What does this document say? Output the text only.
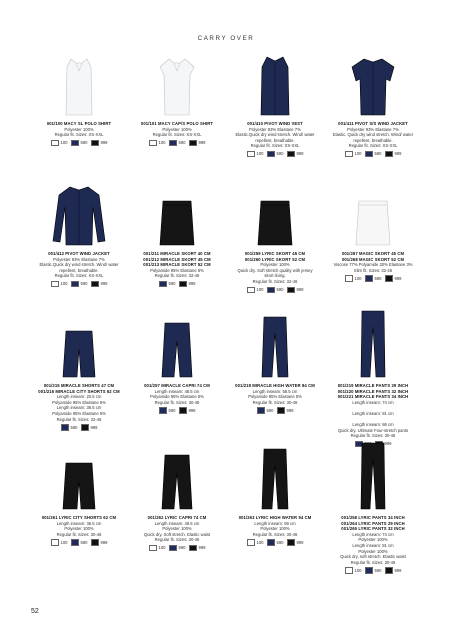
CARRY OVER
001/100 MACY SL POLO SHIRT
Polyester 100%
Regular fit. Sizes: XS-XXL
100	590	999
001/101 MACY CAP/S POLO SHIRT
Polyester 100%
Regular fit. Sizes: XS-XXL
100	590	999
001/410 PIVOT WIND VEST
Polyester 93% Elastane 7%
Elastic.Quick dry wind stretch. Wind/ water
repellent, breathable.
Regular fit. Sizes: XS-XXL
100	590	999
001/411 PIVOT S/S WIND JACKET
Polyester 93% Elastane 7%
Elastic. Quick dry wind stretch. Wind/ water
repellent, breathable.
Regular fit. Sizes: XS-XXL
100	590	999
001/412 PIVOT WIND JACKET
Polyester 93% Elastane 7%
Elastic.Quick dry wind stretch. Wind/ water
repellent, breathable.
Regular fit. Sizes: XS-XXL
100	590	999
001/211 MIRACLE SKORT 40 CM
001/212 MIRACLE SKORT 45 CM
001/213 MIRACLE SKORT 52 CM
Polyamide 95% Elastane 5%
Regular fit. Sizes: 32-46
590	999
001/259 LYRIC SKORT 45 CM
001/260 LYRIC SKORT 52 CM
Polyester 100%
Quick dry. Soft stretch quality with jersey
skort lining.
Regular fit. Sizes: 32-46
100	590	999
001/267 MAGIC SKORT 45 CM
001/268 MAGIC SKORT 52 CM
Viscose 77% Polyamide 20% Elastane 3%
Slim fit. Sizes: 32-46
100	590	999
001/215 MIRACLE SHORTS 47 CM
001/216 MIRACLE CITY SHORTS 62 CM
Length inseam: 20.5 cm
Polyamide 95% Elastane 5%
Length inseam: 36.5 cm
Polyamide 95% Elastane 5%
Regular fit. Sizes: 32-46
590	999
001/257 MIRACLE CAPRI 74 CM
Length inseam: 48.5 cm
Polyamide 95% Elastane 5%
Regular fit. Sizes: 30-46
590	999
001/218 MIRACLE HIGH WATER 84 CM
Length inseam: 58.5 cm
Polyamide 95% Elastane 5%
Regular fit. Sizes: 30-46
590	999
001/219 MIRACLE PANTS 29 INCH
001/220 MIRACLE PANTS 32 INCH
001/221 MIRACLE PANTS 34 INCH
Length inseam: 74 cm

Length inseam: 81 cm

Length inseam: 86 cm
Quick dry. Ultimate Four-stretch pants
Regular fit. Sizes: 30-46
999
001/261 LYRIC CITY SHORTS 62 CM
Length inseam: 36.5 cm
Polyester 100%
Regular fit. Sizes: 30-46
100	590	999
001/262 LYRIC CAPRI 74 CM
Length inseam: 48.5 cm
Polyester 100%
Quick dry. Soft stretch. Elastic waist
Regular fit. Sizes: 30-46
100	590	999
001/263 LYRIC HIGH WATER 94 CM
Length inseam: 69 cm
Polyester 100%
Regular fit. Sizes: 30-46
100	590	999
001/258 LYRIC PANTS 34 INCH
001/264 LYRIC PANTS 29 INCH
001/265 LYRIC PANTS 32 INCH
Length inseam: 74 cm
Polyester 100%
Length inseam: 81 cm
Polyester 100%
Quick dry. soft stretch. Elastic waist
Regular fit. Sizes: 30-46
100	590	999
52
